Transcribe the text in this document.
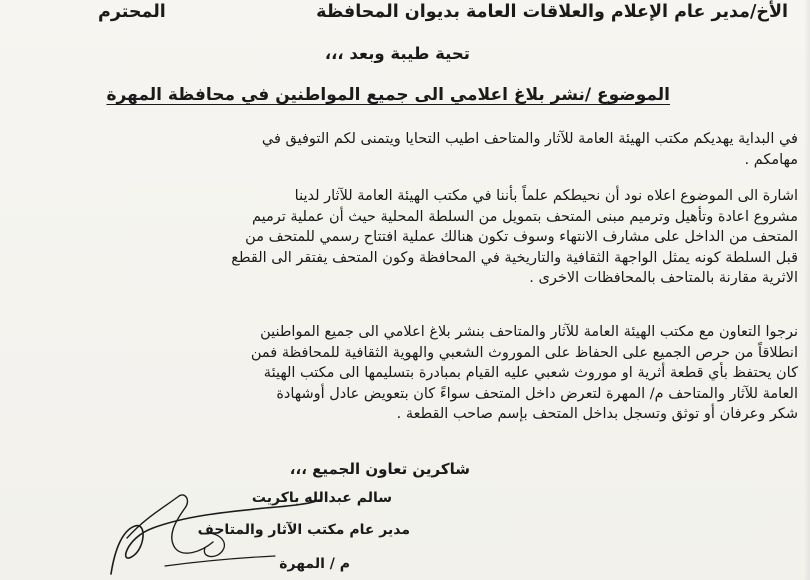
الأخ/مدير عام الإعلام والعلاقات العامة بديوان المحافظة
المحترم
تحية طيبة وبعد ،،،
الموضوع /نشر بلاغ اعلامي الى جميع المواطنين في محافظة المهرة
في البداية يهديكم مكتب الهيئة العامة للآثار والمتاحف اطيب التحايا ويتمنى لكم التوفيق في
مهامكم .
اشارة الى الموضوع اعلاه نود أن نحيطكم علماً بأننا في مكتب الهيئة العامة للآثار لدينا
مشروع اعادة وتأهيل وترميم مبنى المتحف بتمويل من السلطة المحلية حيث أن عملية ترميم
المتحف من الداخل على مشارف الانتهاء وسوف تكون هنالك عملية افتتاح رسمي للمتحف من
قبل السلطة كونه يمثل الواجهة الثقافية والتاريخية في المحافظة وكون المتحف يفتقر الى القطع
الاثرية مقارنة بالمتاحف بالمحافظات الاخرى .
نرجوا التعاون مع مكتب الهيئة العامة للآثار والمتاحف بنشر بلاغ اعلامي الى جميع المواطنين
انطلاقاً من حرص الجميع على الحفاظ على الموروث الشعبي والهوية الثقافية للمحافظة فمن
كان يحتفظ بأي قطعة أثرية او موروث شعبي عليه القيام بمبادرة بتسليمها الى مكتب الهيئة
العامة للآثار والمتاحف م/ المهرة لتعرض داخل المتحف سواءً كان بتعويض عادل أوشهادة
شكر وعرفان أو توثق وتسجل بداخل المتحف بإسم صاحب القطعة .
شاكرين تعاون الجميع ،،،
سالم عبدالله باكريت
مدير عام مكتب الآثار والمتاحف
م / المهرة
